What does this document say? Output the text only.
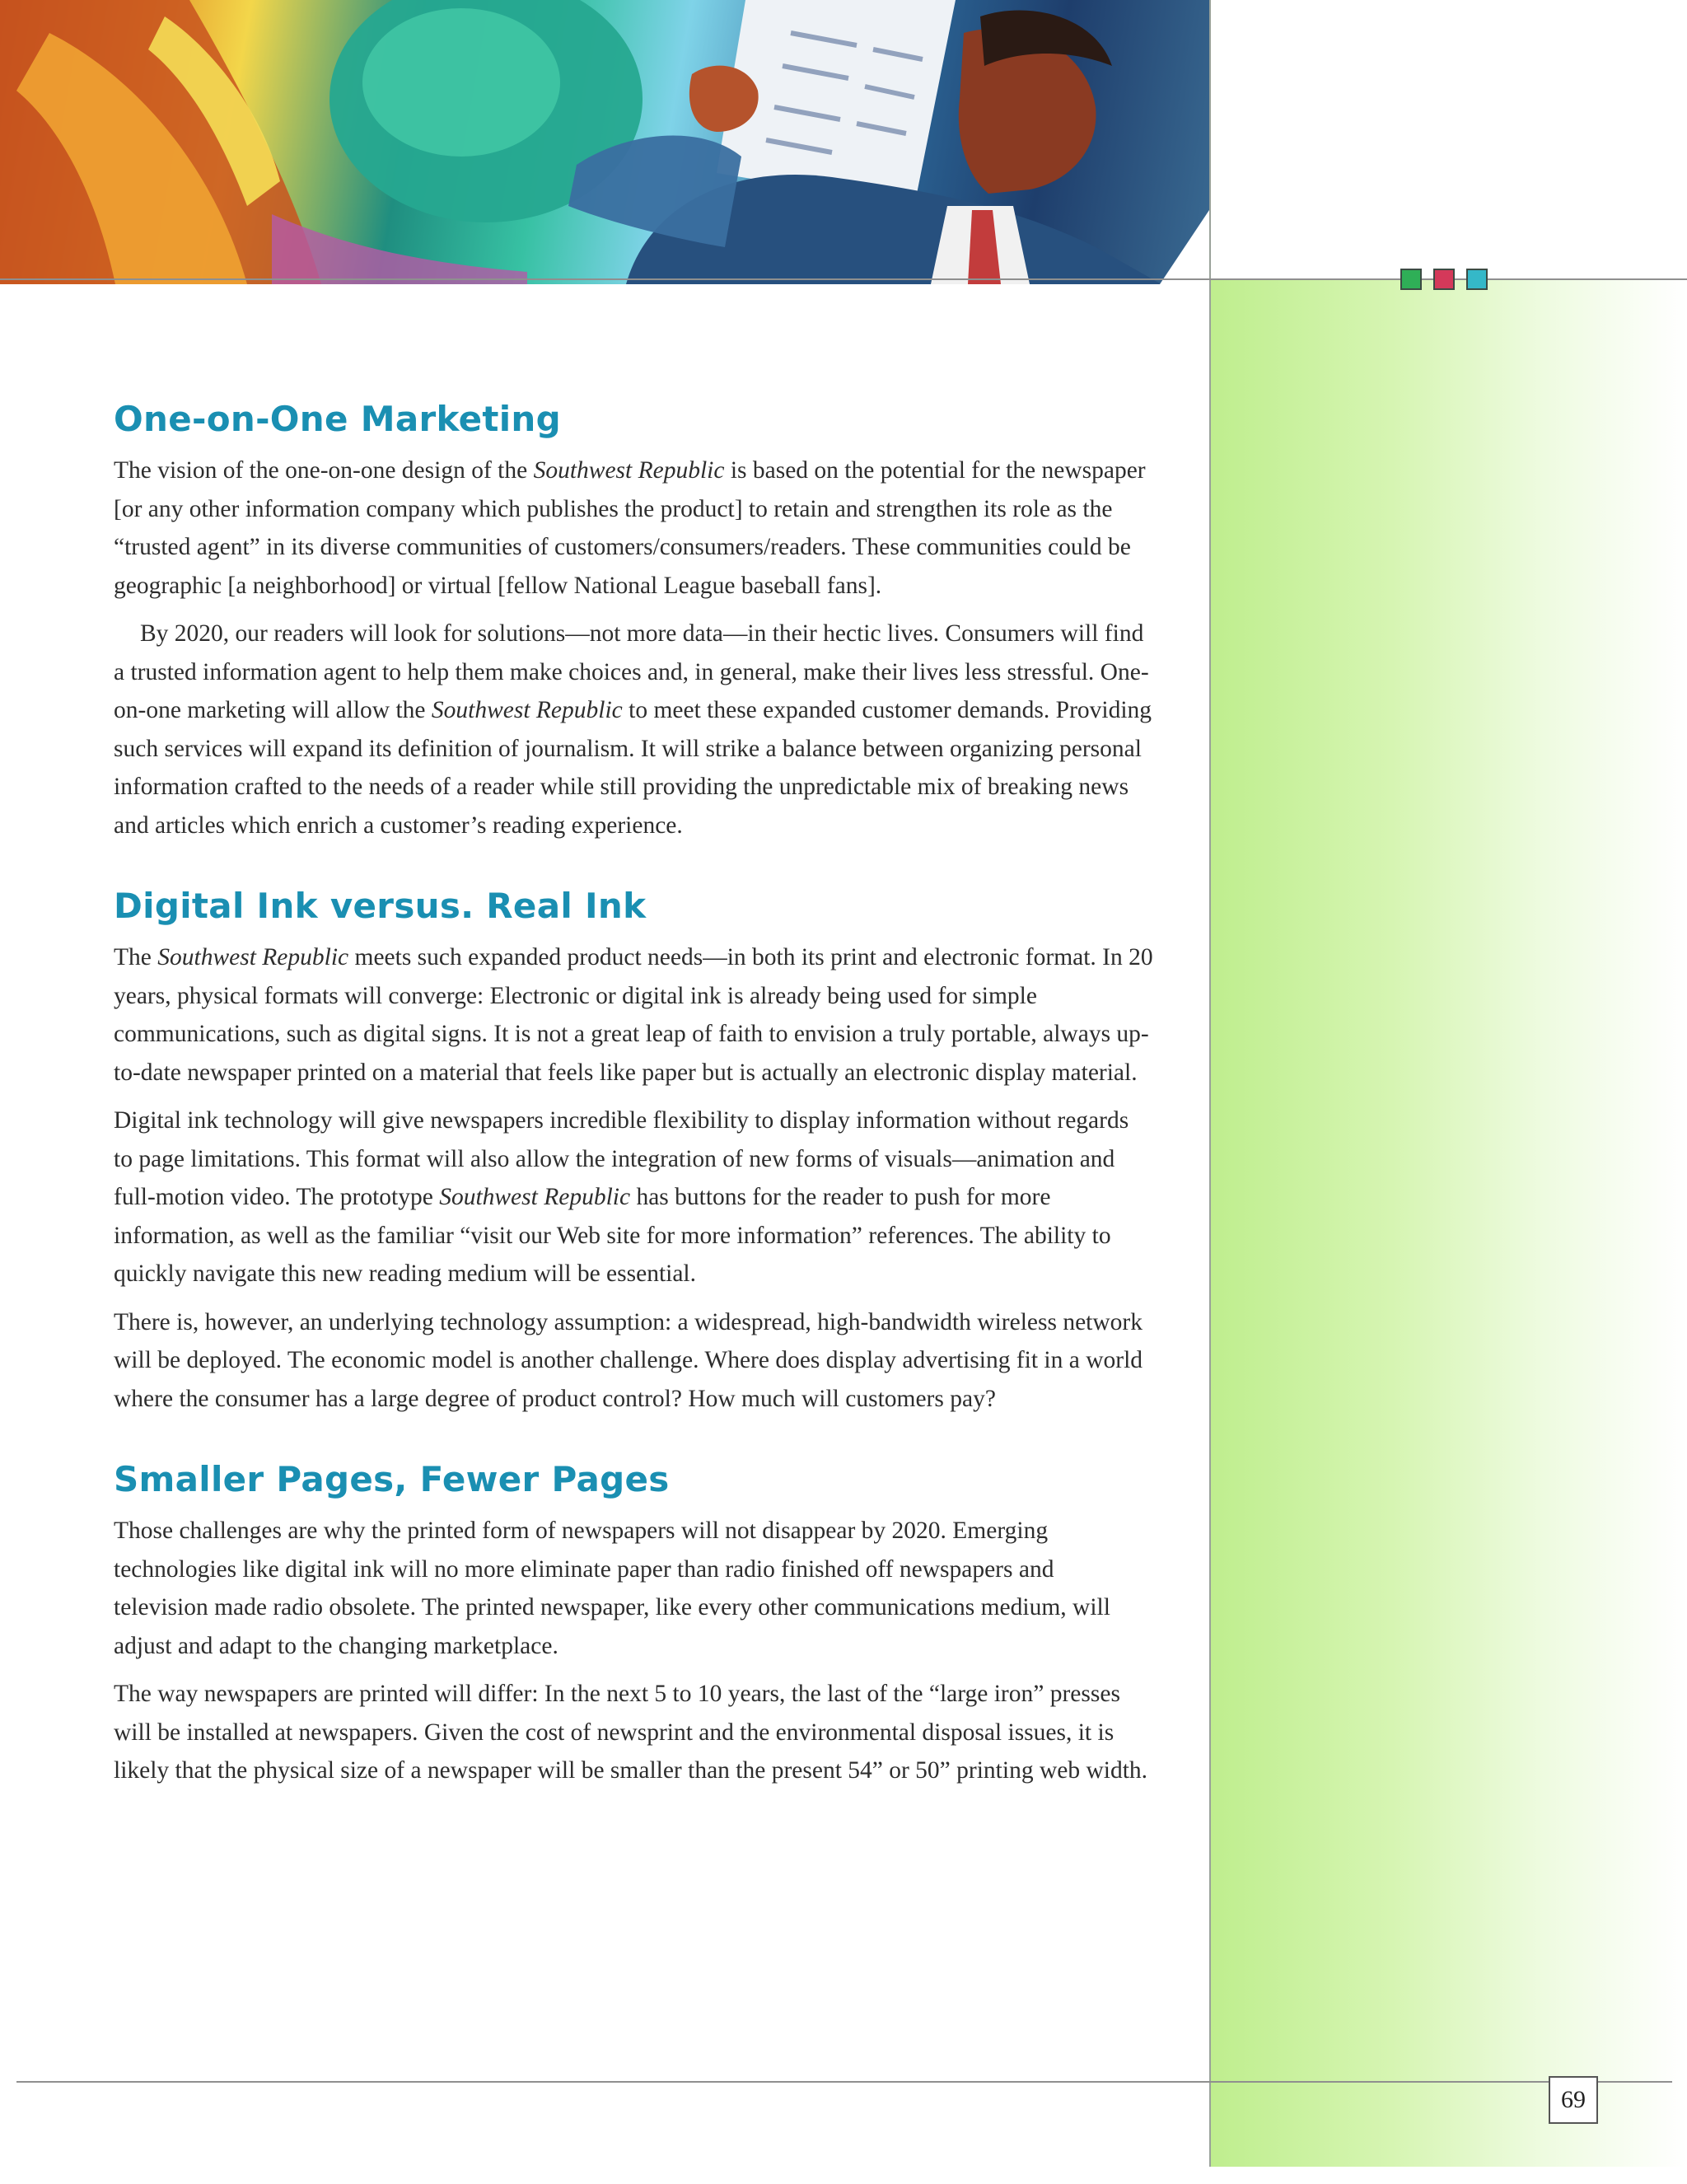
69
One-on-One Marketing

The vision of the one-on-one design of the Southwest Republic is based on the potential for the newspaper [or any other information company which publishes the product] to retain and strengthen its role as the “trusted agent” in its diverse communities of customers/consumers/readers. These communities could be geographic [a neighborhood] or virtual [fellow National League baseball fans].

By 2020, our readers will look for solutions—not more data—in their hectic lives. Consumers will find a trusted information agent to help them make choices and, in general, make their lives less stressful. One-on-one marketing will allow the Southwest Republic to meet these expanded customer demands. Providing such services will expand its definition of journalism. It will strike a balance between organizing personal information crafted to the needs of a reader while still providing the unpredictable mix of breaking news and articles which enrich a customer’s reading experience.

Digital Ink versus. Real Ink

The Southwest Republic meets such expanded product needs—in both its print and electronic format. In 20 years, physical formats will converge: Electronic or digital ink is already being used for simple communications, such as digital signs. It is not a great leap of faith to envision a truly portable, always up-to-date newspaper printed on a material that feels like paper but is actually an electronic display material.

Digital ink technology will give newspapers incredible flexibility to display information without regards to page limitations. This format will also allow the integration of new forms of visuals—animation and full-motion video. The prototype Southwest Republic has buttons for the reader to push for more information, as well as the familiar “visit our Web site for more information” references. The ability to quickly navigate this new reading medium will be essential.

There is, however, an underlying technology assumption: a widespread, high-bandwidth wireless network will be deployed. The economic model is another challenge. Where does display advertising fit in a world where the consumer has a large degree of product control? How much will customers pay?

Smaller Pages, Fewer Pages

Those challenges are why the printed form of newspapers will not disappear by 2020. Emerging technologies like digital ink will no more eliminate paper than radio finished off newspapers and television made radio obsolete. The printed newspaper, like every other communications medium, will adjust and adapt to the changing marketplace.

The way newspapers are printed will differ: In the next 5 to 10 years, the last of the “large iron” presses will be installed at newspapers. Given the cost of newsprint and the environmental disposal issues, it is likely that the physical size of a newspaper will be smaller than the present 54” or 50” printing web width.
